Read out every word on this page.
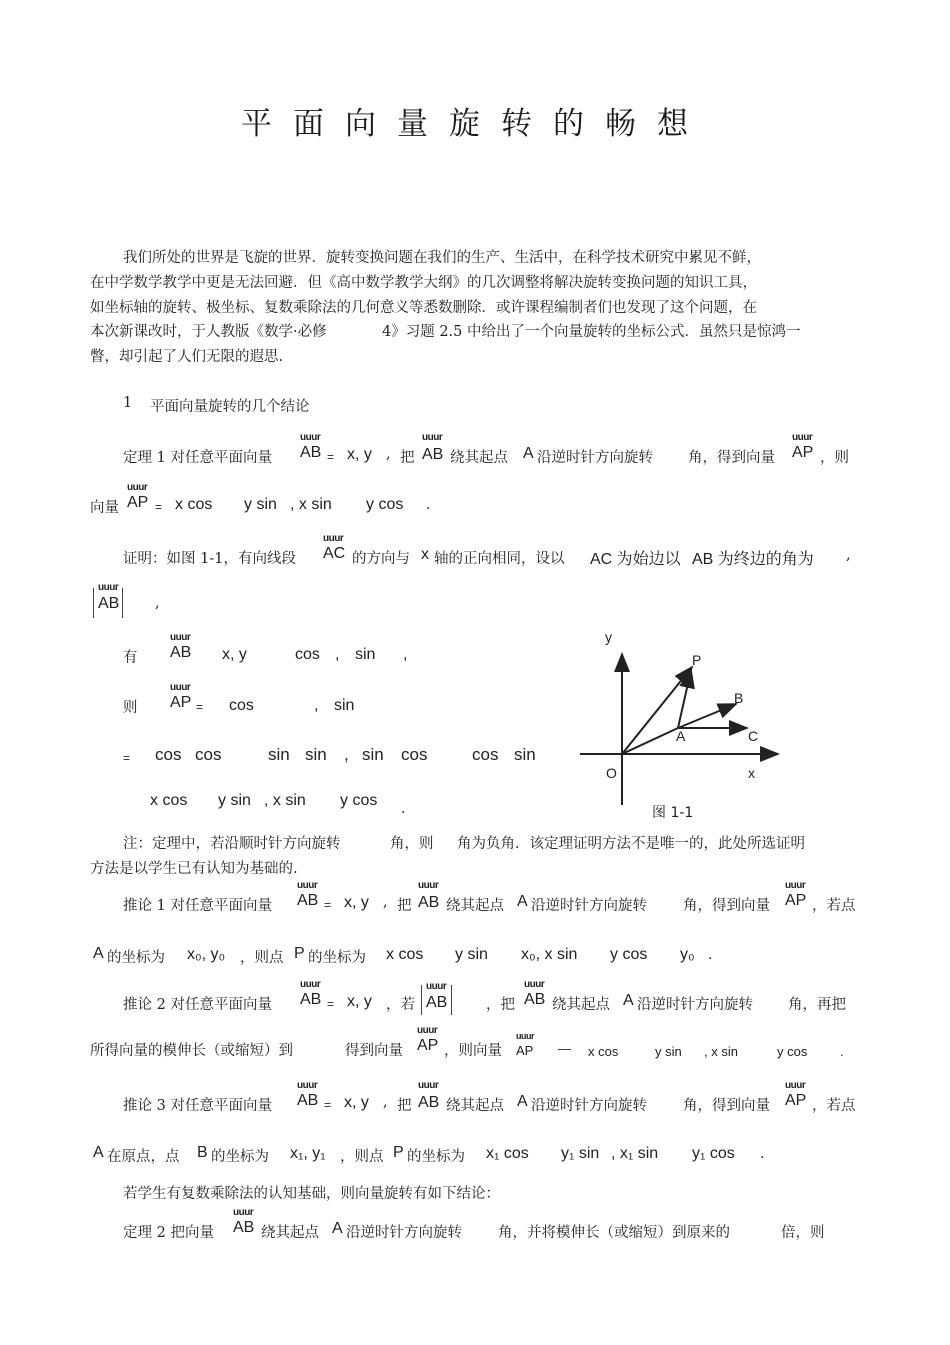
平面向量旋转的畅想
我们所处的世界是飞旋的世界．旋转变换问题在我们的生产、生活中，在科学技术研究中累见不鲜，
在中学数学教学中更是无法回避．但《高中数学教学大纲》的几次调整将解决旋转变换问题的知识工具，
如坐标轴的旋转、极坐标、复数乘除法的几何意义等悉数删除．或许课程编制者们也发现了这个问题，在
本次新课改时，于人教版《数学·必修	4》习题 2.5 中给出了一个向量旋转的坐标公式．虽然只是惊鸿一
瞥，却引起了人们无限的遐思.
1 平面向量旋转的几个结论
定理 1 对任意平面向量
uuur
AB = x, y , 把
uuur
AB 绕其起点 A 沿逆时针方向旋转 角，得到向量
uuur
AP ，则
向量
uuur
AP = x cos y sin , x sin y cos .
证明：如图 1-1，有向线段
uuur
AC 的方向与 x 轴的正向相同，设以 AC 为始边以 AB 为终边的角为 ,
uuur
AB ,
有
uuur
AB x, y	cos , sin ,
则
uuur
AP = cos	, sin
= cos cos	sin sin , sin cos	cos sin
x cos y sin , x sin y cos .
y
P
B
A	C
O	x
图 1-1
注：定理中，若沿顺时针方向旋转	角，则 角为负角．该定理证明方法不是唯一的，此处所选证明
方法是以学生已有认知为基础的.
推论 1 对任意平面向量
uuur
AB = x, y , 把
uuur
AB 绕其起点 A 沿逆时针方向旋转 角，得到向量
uuur
AP ，若点
A 的坐标为 x₀, y₀ ，则点 P 的坐标为 x cos y sin x₀, x sin y cos y₀ .
推论 2 对任意平面向量
uuur
AB = x, y ，若
uuur
AB	，把
uuur
AB 绕其起点 A 沿逆时针方向旋转 角，再把
所得向量的模伸长（或缩短）到	得到向量
uuur
AP ，则向量
uuur
AP — x cos	y sin , x sin	y cos	.
推论 3 对任意平面向量
uuur
AB = x, y , 把
uuur
AB 绕其起点 A 沿逆时针方向旋转 角，得到向量
uuur
AP ，若点
A 在原点，点 B 的坐标为 x₁, y₁ ，则点 P 的坐标为 x₁ cos y₁ sin , x₁ sin y₁ cos .
若学生有复数乘除法的认知基础，则向量旋转有如下结论：
定理 2 把向量
uuur
AB 绕其起点 A 沿逆时针方向旋转 角，并将模伸长（或缩短）到原来的	倍，则
